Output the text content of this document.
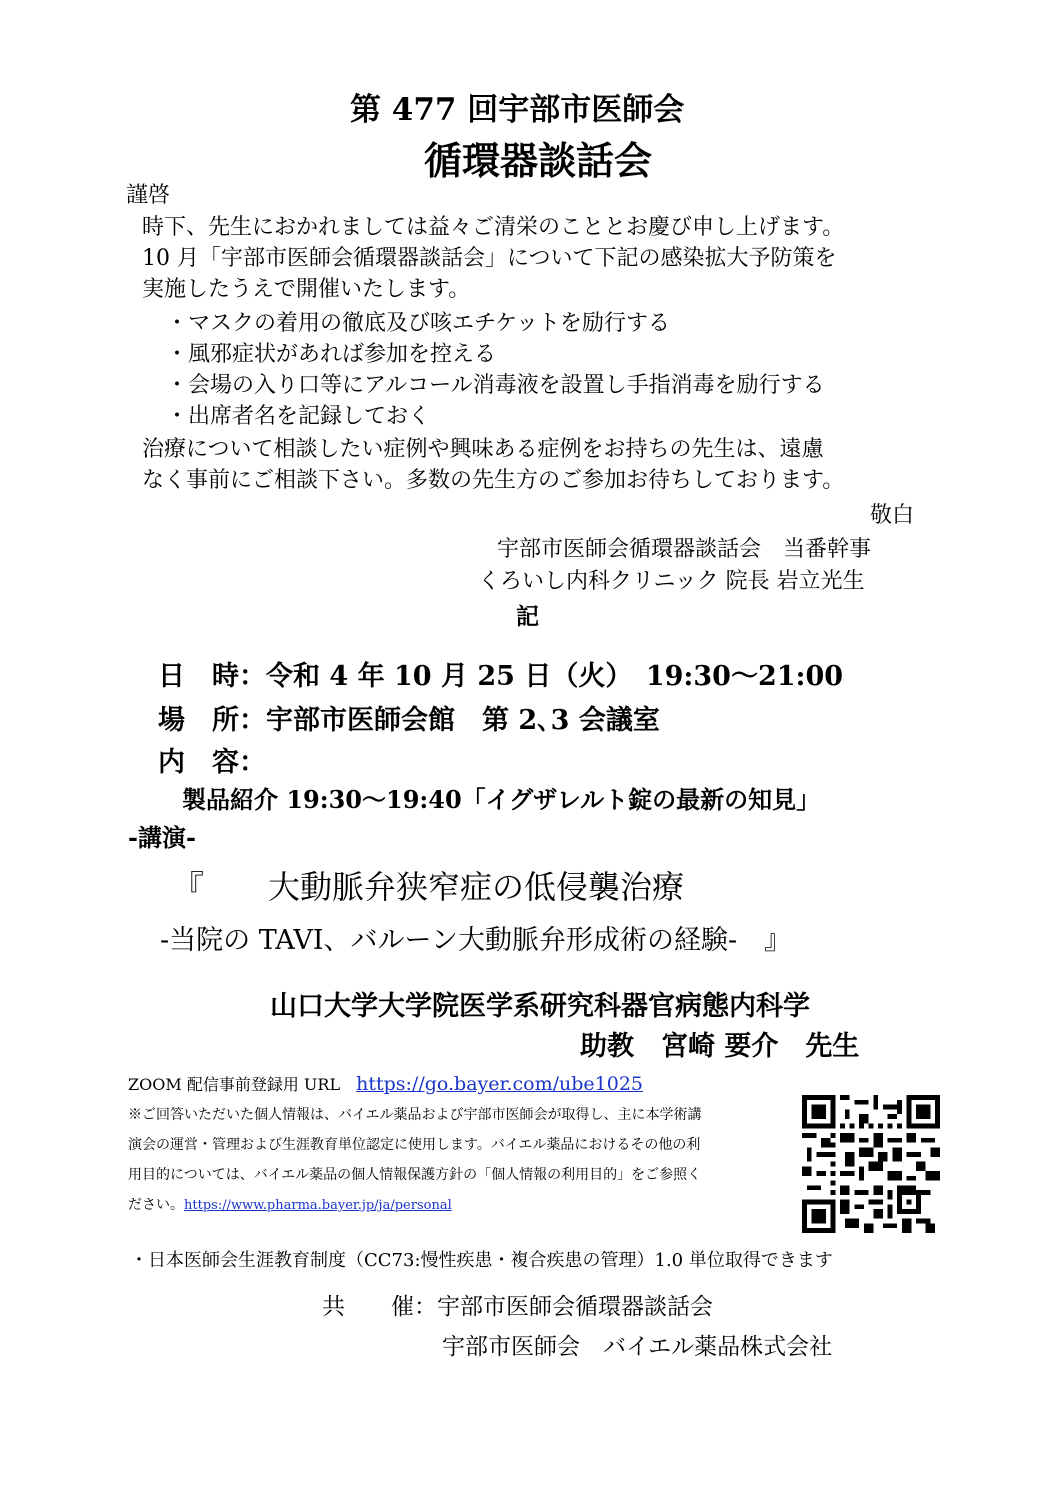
第 477 回宇部市医師会
循環器談話会
謹啓
時下、先生におかれましては益々ご清栄のこととお慶び申し上げます。
10 月「宇部市医師会循環器談話会」について下記の感染拡大予防策を
実施したうえで開催いたします。
・マスクの着用の徹底及び咳エチケットを励行する
・風邪症状があれば参加を控える
・会場の入り口等にアルコール消毒液を設置し手指消毒を励行する
・出席者名を記録しておく
治療について相談したい症例や興味ある症例をお持ちの先生は、遠慮
なく事前にご相談下さい。多数の先生方のご参加お待ちしております。
敬白
宇部市医師会循環器談話会　当番幹事
くろいし内科クリニック 院長 岩立光生
記
日　時：令和 4 年 10 月 25 日（火）　19:30～21:00
場　所：宇部市医師会館　第 2､3 会議室
内　容：
製品紹介 19:30～19:40「イグザレルト錠の最新の知見」
-講演-
『　　大動脈弁狭窄症の低侵襲治療
-当院の TAVI、バルーン大動脈弁形成術の経験-　』
山口大学大学院医学系研究科器官病態内科学
助教　宮崎 要介　先生
ZOOM 配信事前登録用 URL　 https://go.bayer.com/ube1025
※ご回答いただいた個人情報は、バイエル薬品および宇部市医師会が取得し、主に本学術講
演会の運営・管理および生涯教育単位認定に使用します。バイエル薬品におけるその他の利
用目的については、バイエル薬品の個人情報保護方針の「個人情報の利用目的」をご参照く
ださい。https://www.pharma.bayer.jp/ja/personal
・日本医師会生涯教育制度（CC73:慢性疾患・複合疾患の管理）1.0 単位取得できます
共　　催：宇部市医師会循環器談話会
宇部市医師会　バイエル薬品株式会社
